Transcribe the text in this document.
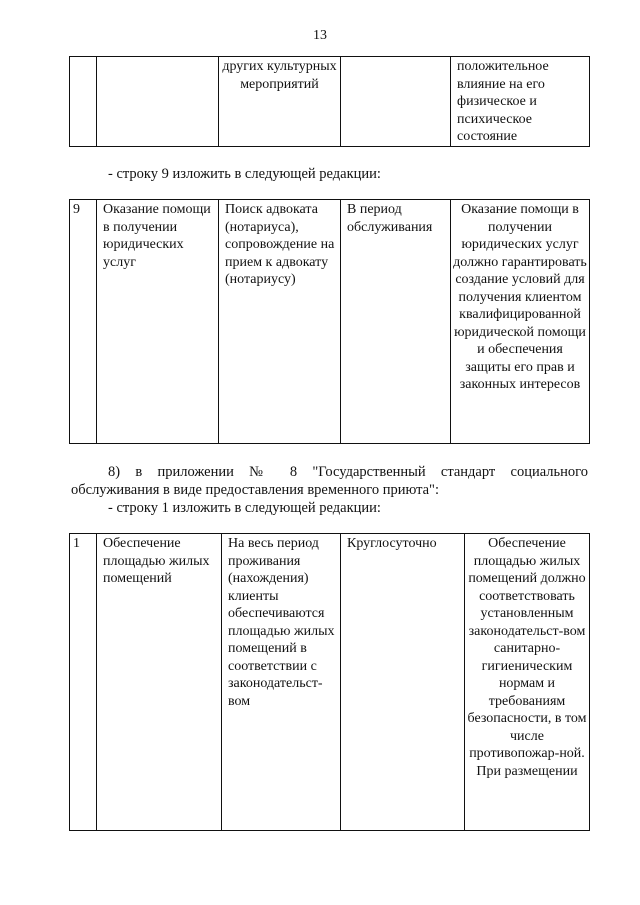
13
		других культурных мероприятий		положительное влияние на его физическое и психическое состояние
- строку 9 изложить в следующей редакции:
9	Оказание помощи в получении юридических услуг	Поиск адвоката (нотариуса), сопровождение на прием к адвокату (нотариусу)	В период обслуживания	Оказание помощи в получении юридических услуг должно гарантировать создание условий для получения клиентом квалифицированной юридической помощи и обеспечения защиты его прав и законных интересов
8) в приложении № 8 "Государственный стандарт социального
обслуживания в виде предоставления временного приюта":
- строку 1 изложить в следующей редакции:
1	Обеспечение площадью жилых помещений	На весь период проживания (нахождения) клиенты обеспечиваются площадью жилых помещений в соответствии с законодательст-вом	Круглосуточно	Обеспечение площадью жилых помещений должно соответствовать установленным законодательст-вом санитарно-гигиеническим нормам и требованиям безопасности, в том числе противопожар-ной. При размещении
